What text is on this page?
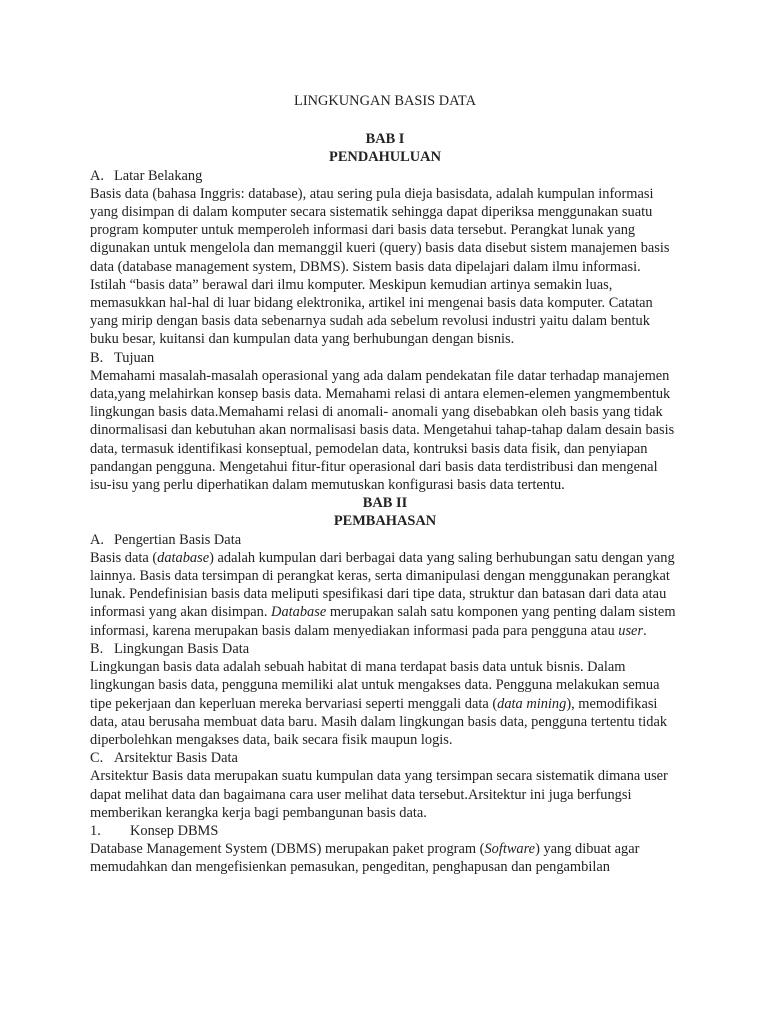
LINGKUNGAN BASIS DATA
BAB I
PENDAHULUAN
A. Latar Belakang

Basis data (bahasa Inggris: database), atau sering pula dieja basisdata, adalah kumpulan informasi yang disimpan di dalam komputer secara sistematik sehingga dapat diperiksa menggunakan suatu program komputer untuk memperoleh informasi dari basis data tersebut. Perangkat lunak yang digunakan untuk mengelola dan memanggil kueri (query) basis data disebut sistem manajemen basis data (database management system, DBMS). Sistem basis data dipelajari dalam ilmu informasi. Istilah “basis data” berawal dari ilmu komputer. Meskipun kemudian artinya semakin luas, memasukkan hal-hal di luar bidang elektronika, artikel ini mengenai basis data komputer. Catatan yang mirip dengan basis data sebenarnya sudah ada sebelum revolusi industri yaitu dalam bentuk buku besar, kuitansi dan kumpulan data yang berhubungan dengan bisnis.

B. Tujuan

Memahami masalah-masalah operasional yang ada dalam pendekatan file datar terhadap manajemen data,yang melahirkan konsep basis data. Memahami relasi di antara elemen-elemen yangmembentuk lingkungan basis data.Memahami relasi di anomali- anomali yang disebabkan oleh basis yang tidak dinormalisasi dan kebutuhan akan normalisasi basis data. Mengetahui tahap-tahap dalam desain basis data, termasuk identifikasi konseptual, pemodelan data, kontruksi basis data fisik, dan penyiapan pandangan pengguna. Mengetahui fitur-fitur operasional dari basis data terdistribusi dan mengenal isu-isu yang perlu diperhatikan dalam memutuskan konfigurasi basis data tertentu.

BAB II
PEMBAHASAN
A. Pengertian Basis Data

Basis data (database) adalah kumpulan dari berbagai data yang saling berhubungan satu dengan yang lainnya. Basis data tersimpan di perangkat keras, serta dimanipulasi dengan menggunakan perangkat lunak. Pendefinisian basis data meliputi spesifikasi dari tipe data, struktur dan batasan dari data atau informasi yang akan disimpan. Database merupakan salah satu komponen yang penting dalam sistem informasi, karena merupakan basis dalam menyediakan informasi pada para pengguna atau user.

B. Lingkungan Basis Data

Lingkungan basis data adalah sebuah habitat di mana terdapat basis data untuk bisnis. Dalam lingkungan basis data, pengguna memiliki alat untuk mengakses data. Pengguna melakukan semua tipe pekerjaan dan keperluan mereka bervariasi seperti menggali data (data mining), memodifikasi data, atau berusaha membuat data baru. Masih dalam lingkungan basis data, pengguna tertentu tidak diperbolehkan mengakses data, baik secara fisik maupun logis.

C. Arsitektur Basis Data

Arsitektur Basis data merupakan suatu kumpulan data yang tersimpan secara sistematik dimana user dapat melihat data dan bagaimana cara user melihat data tersebut.Arsitektur ini juga berfungsi memberikan kerangka kerja bagi pembangunan basis data.

1. Konsep DBMS

Database Management System (DBMS) merupakan paket program (Software) yang dibuat agar memudahkan dan mengefisienkan pemasukan, pengeditan, penghapusan dan pengambilan
